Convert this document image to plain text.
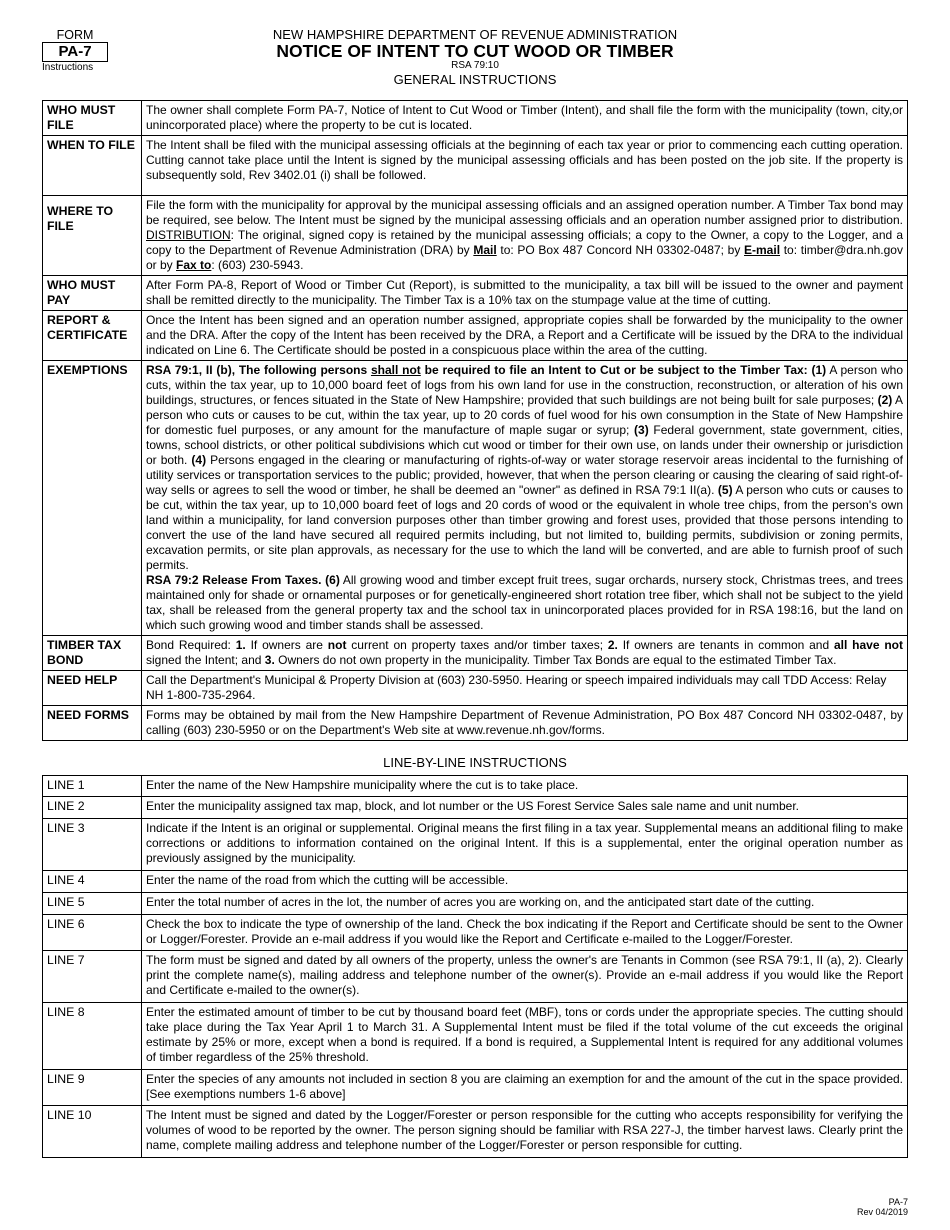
FORM
PA-7
Instructions
NEW HAMPSHIRE DEPARTMENT OF REVENUE ADMINISTRATION
NOTICE OF INTENT TO CUT WOOD OR TIMBER
RSA 79:10
GENERAL INSTRUCTIONS
WHO MUST FILE	The owner shall complete Form PA-7, Notice of Intent to Cut Wood or Timber (Intent), and shall file the form with the municipality (town, city,or unincorporated place) where the property to be cut is located.
WHEN TO FILE	The Intent shall be filed with the municipal assessing officials at the beginning of each tax year or prior to commencing each cutting operation. Cutting cannot take place until the Intent is signed by the municipal assessing officials and has been posted on the job site. If the property is subsequently sold, Rev 3402.01 (i) shall be followed.
WHERE TO FILE	File the form with the municipality for approval by the municipal assessing officials and an assigned operation number. A Timber Tax bond may be required, see below. The Intent must be signed by the municipal assessing officials and an operation number assigned prior to distribution. DISTRIBUTION: The original, signed copy is retained by the municipal assessing officials; a copy to the Owner, a copy to the Logger, and a copy to the Department of Revenue Administration (DRA) by Mail to: PO Box 487 Concord NH 03302-0487; by E-mail to: timber@dra.nh.gov or by Fax to: (603) 230-5943.
WHO MUST PAY	After Form PA-8, Report of Wood or Timber Cut (Report), is submitted to the municipality, a tax bill will be issued to the owner and payment shall be remitted directly to the municipality. The Timber Tax is a 10% tax on the stumpage value at the time of cutting.
REPORT & CERTIFICATE	Once the Intent has been signed and an operation number assigned, appropriate copies shall be forwarded by the municipality to the owner and the DRA. After the copy of the Intent has been received by the DRA, a Report and a Certificate will be issued by the DRA to the individual indicated on Line 6. The Certificate should be posted in a conspicuous place within the area of the cutting.
EXEMPTIONS	RSA 79:1, II (b), The following persons shall not be required to file an Intent to Cut or be subject to the Timber Tax: (1) A person who cuts, within the tax year, up to 10,000 board feet of logs from his own land for use in the construction, reconstruction, or alteration of his own buildings, structures, or fences situated in the State of New Hampshire; provided that such buildings are not being built for sale purposes; (2) A person who cuts or causes to be cut, within the tax year, up to 20 cords of fuel wood for his own consumption in the State of New Hampshire for domestic fuel purposes, or any amount for the manufacture of maple sugar or syrup; (3) Federal government, state government, cities, towns, school districts, or other political subdivisions which cut wood or timber for their own use, on lands under their ownership or jurisdiction or both. (4) Persons engaged in the clearing or manufacturing of rights-of-way or water storage reservoir areas incidental to the furnishing of utility services or transportation services to the public; provided, however, that when the person clearing or causing the clearing of said right-of-way sells or agrees to sell the wood or timber, he shall be deemed an "owner" as defined in RSA 79:1 II(a). (5) A person who cuts or causes to be cut, within the tax year, up to 10,000 board feet of logs and 20 cords of wood or the equivalent in whole tree chips, from the person's own land within a municipality, for land conversion purposes other than timber growing and forest uses, provided that those persons intending to convert the use of the land have secured all required permits including, but not limited to, building permits, subdivision or zoning permits, excavation permits, or site plan approvals, as necessary for the use to which the land will be converted, and are able to furnish proof of such permits.
RSA 79:2 Release From Taxes. (6) All growing wood and timber except fruit trees, sugar orchards, nursery stock, Christmas trees, and trees maintained only for shade or ornamental purposes or for genetically-engineered short rotation tree fiber, which shall not be subject to the yield tax, shall be released from the general property tax and the school tax in unincorporated places provided for in RSA 198:16, but the land on which such growing wood and timber stands shall be assessed.
TIMBER TAX BOND	Bond Required: 1. If owners are not current on property taxes and/or timber taxes; 2. If owners are tenants in common and all have not signed the Intent; and 3. Owners do not own property in the municipality. Timber Tax Bonds are equal to the estimated Timber Tax.
NEED HELP	Call the Department's Municipal & Property Division at (603) 230-5950. Hearing or speech impaired individuals may call TDD Access: Relay NH 1-800-735-2964.
NEED FORMS	Forms may be obtained by mail from the New Hampshire Department of Revenue Administration, PO Box 487 Concord NH 03302-0487, by calling (603) 230-5950 or on the Department's Web site at www.revenue.nh.gov/forms.
LINE-BY-LINE INSTRUCTIONS
LINE 1	Enter the name of the New Hampshire municipality where the cut is to take place.
LINE 2	Enter the municipality assigned tax map, block, and lot number or the US Forest Service Sales sale name and unit number.
LINE 3	Indicate if the Intent is an original or supplemental. Original means the first filing in a tax year. Supplemental means an additional filing to make corrections or additions to information contained on the original Intent. If this is a supplemental, enter the original operation number as previously assigned by the municipality.
LINE 4	Enter the name of the road from which the cutting will be accessible.
LINE 5	Enter the total number of acres in the lot, the number of acres you are working on, and the anticipated start date of the cutting.
LINE 6	Check the box to indicate the type of ownership of the land. Check the box indicating if the Report and Certificate should be sent to the Owner or Logger/Forester. Provide an e-mail address if you would like the Report and Certificate e-mailed to the Logger/Forester.
LINE 7	The form must be signed and dated by all owners of the property, unless the owner's are Tenants in Common (see RSA 79:1, II (a), 2). Clearly print the complete name(s), mailing address and telephone number of the owner(s). Provide an e-mail address if you would like the Report and Certificate e-mailed to the owner(s).
LINE 8	Enter the estimated amount of timber to be cut by thousand board feet (MBF), tons or cords under the appropriate species. The cutting should take place during the Tax Year April 1 to March 31. A Supplemental Intent must be filed if the total volume of the cut exceeds the original estimate by 25% or more, except when a bond is required. If a bond is required, a Supplemental Intent is required for any additional volumes of timber regardless of the 25% threshold.
LINE 9	Enter the species of any amounts not included in section 8 you are claiming an exemption for and the amount of the cut in the space provided. [See exemptions numbers 1-6 above]
LINE 10	The Intent must be signed and dated by the Logger/Forester or person responsible for the cutting who accepts responsibility for verifying the volumes of wood to be reported by the owner. The person signing should be familiar with RSA 227-J, the timber harvest laws. Clearly print the name, complete mailing address and telephone number of the Logger/Forester or person responsible for cutting.
PA-7
Rev 04/2019
